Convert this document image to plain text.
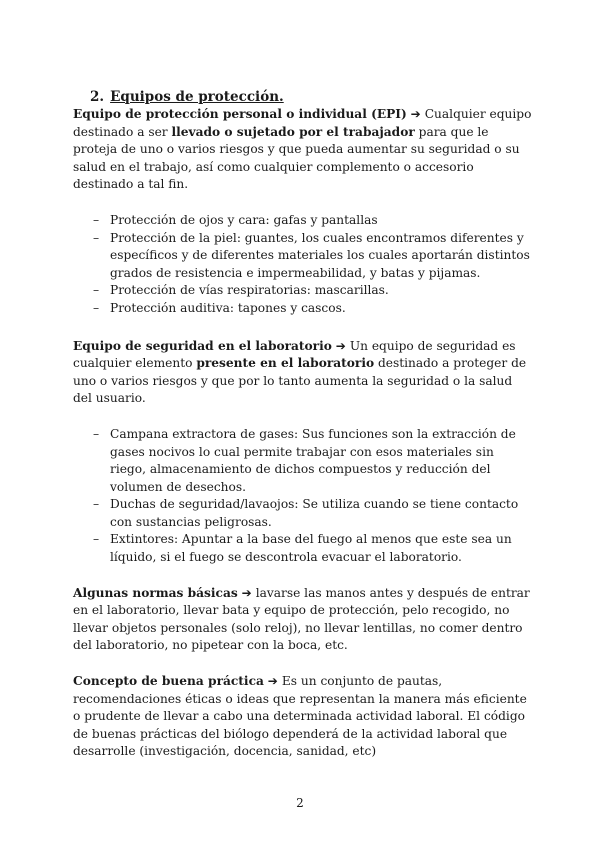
2. Equipos de protección.

Equipo de protección personal o individual (EPI) ➔ Cualquier equipo destinado a ser llevado o sujetado por el trabajador para que le proteja de uno o varios riesgos y que pueda aumentar su seguridad o su salud en el trabajo, así como cualquier complemento o accesorio destinado a tal fin.

– Protección de ojos y cara: gafas y pantallas
– Protección de la piel: guantes, los cuales encontramos diferentes y específicos y de diferentes materiales los cuales aportarán distintos grados de resistencia e impermeabilidad, y batas y pijamas.
– Protección de vías respiratorias: mascarillas.
– Protección auditiva: tapones y cascos.

Equipo de seguridad en el laboratorio ➔ Un equipo de seguridad es cualquier elemento presente en el laboratorio destinado a proteger de uno o varios riesgos y que por lo tanto aumenta la seguridad o la salud del usuario.

– Campana extractora de gases: Sus funciones son la extracción de gases nocivos lo cual permite trabajar con esos materiales sin riego, almacenamiento de dichos compuestos y reducción del volumen de desechos.
– Duchas de seguridad/lavaojos: Se utiliza cuando se tiene contacto con sustancias peligrosas.
– Extintores: Apuntar a la base del fuego al menos que este sea un líquido, si el fuego se descontrola evacuar el laboratorio.

Algunas normas básicas ➔ lavarse las manos antes y después de entrar en el laboratorio, llevar bata y equipo de protección, pelo recogido, no llevar objetos personales (solo reloj), no llevar lentillas, no comer dentro del laboratorio, no pipetear con la boca, etc.

Concepto de buena práctica ➔ Es un conjunto de pautas, recomendaciones éticas o ideas que representan la manera más eficiente o prudente de llevar a cabo una determinada actividad laboral. El código de buenas prácticas del biólogo dependerá de la actividad laboral que desarrolle (investigación, docencia, sanidad, etc)

2
